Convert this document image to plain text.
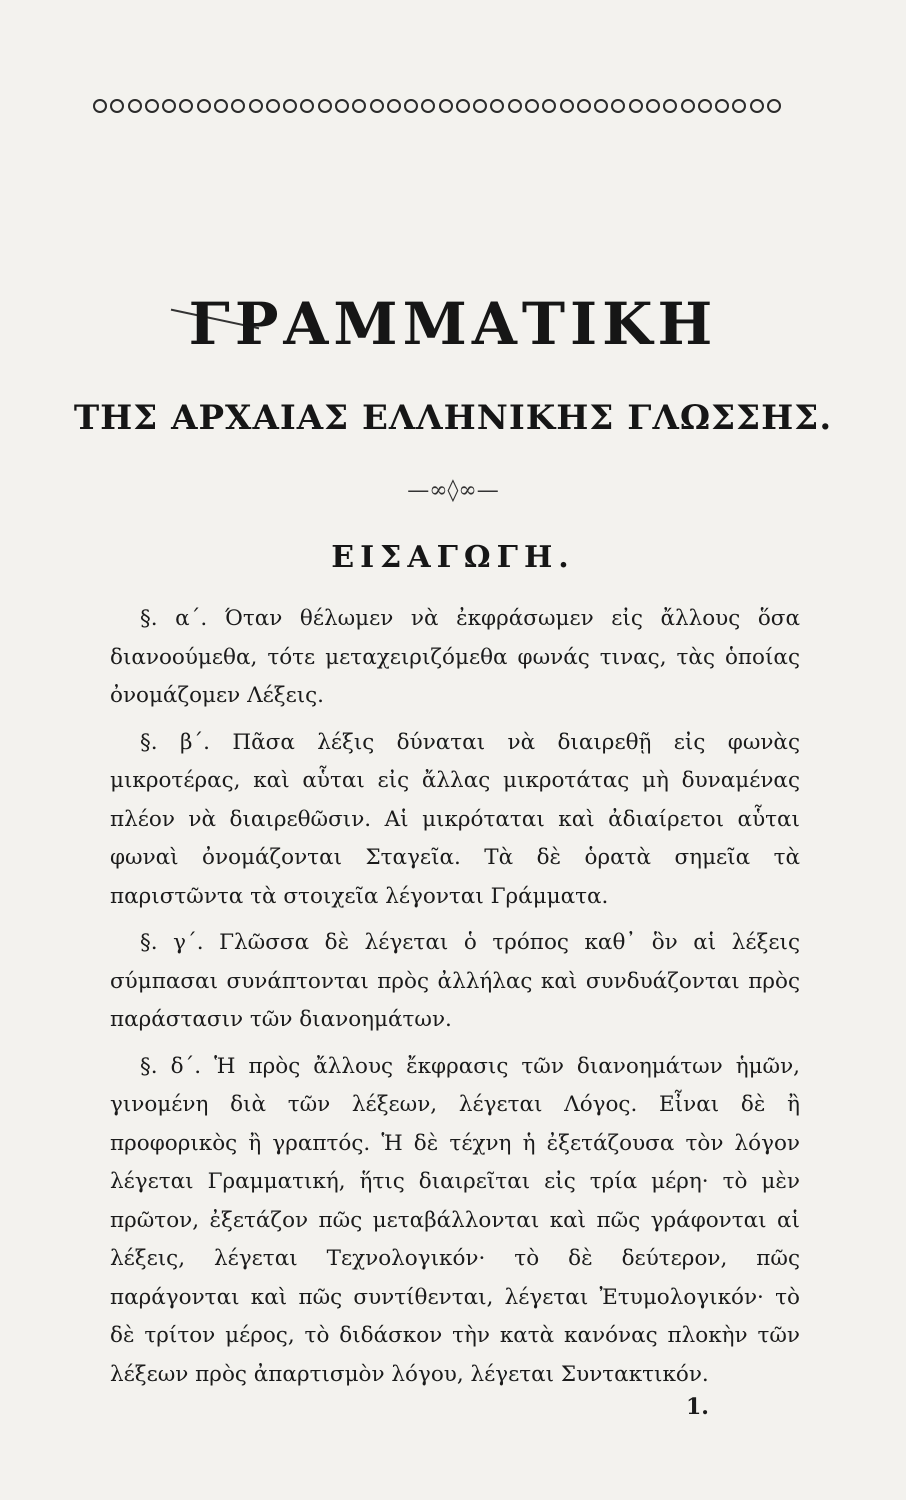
ΓΡΑΜΜΑΤΙΚΗ
ΤΗΣ ΑΡΧΑΙΑΣ ΕΛΛΗΝΙΚΗΣ ΓΛΩΣΣΗΣ.
—∞◊∞—
ΕΙΣΑΓΩΓΗ.

§. α΄. Όταν θέλωμεν νὰ ἐκφράσωμεν εἰς ἄλλους ὅσα διανοούμεθα, τότε μεταχειριζόμεθα φωνάς τινας, τὰς ὁποίας ὀνομάζομεν Λέξεις.

§. β΄. Πᾶσα λέξις δύναται νὰ διαιρεθῇ εἰς φωνὰς μικροτέρας, καὶ αὗται εἰς ἄλλας μικροτάτας μὴ δυναμένας πλέον νὰ διαιρεθῶσιν. Αἱ μικρόταται καὶ ἀδιαίρετοι αὗται φωναὶ ὀνομάζονται Σταγεῖα. Τὰ δὲ ὁρατὰ σημεῖα τὰ παριστῶντα τὰ στοιχεῖα λέγονται Γράμματα.

§. γ΄. Γλῶσσα δὲ λέγεται ὁ τρόπος καθ᾿ ὃν αἱ λέξεις σύμπασαι συνάπτονται πρὸς ἀλλήλας καὶ συνδυάζονται πρὸς παράστασιν τῶν διανοημάτων.

§. δ΄. Ἡ πρὸς ἄλλους ἔκφρασις τῶν διανοημάτων ἡμῶν, γινομένη διὰ τῶν λέξεων, λέγεται Λόγος. Εἶναι δὲ ἢ προφορικὸς ἢ γραπτός. Ἡ δὲ τέχνη ἡ ἐξετάζουσα τὸν λόγον λέγεται Γραμματική, ἥτις διαιρεῖται εἰς τρία μέρη· τὸ μὲν πρῶτον, ἐξετάζον πῶς μεταβάλλονται καὶ πῶς γράφονται αἱ λέξεις, λέγεται Τεχνολογικόν· τὸ δὲ δεύτερον, πῶς παράγονται καὶ πῶς συντίθενται, λέγεται Ἐτυμολογικόν· τὸ δὲ τρίτον μέρος, τὸ διδάσκον τὴν κατὰ κανόνας πλοκὴν τῶν λέξεων πρὸς ἀπαρτισμὸν λόγου, λέγεται Συντακτικόν.

1.
